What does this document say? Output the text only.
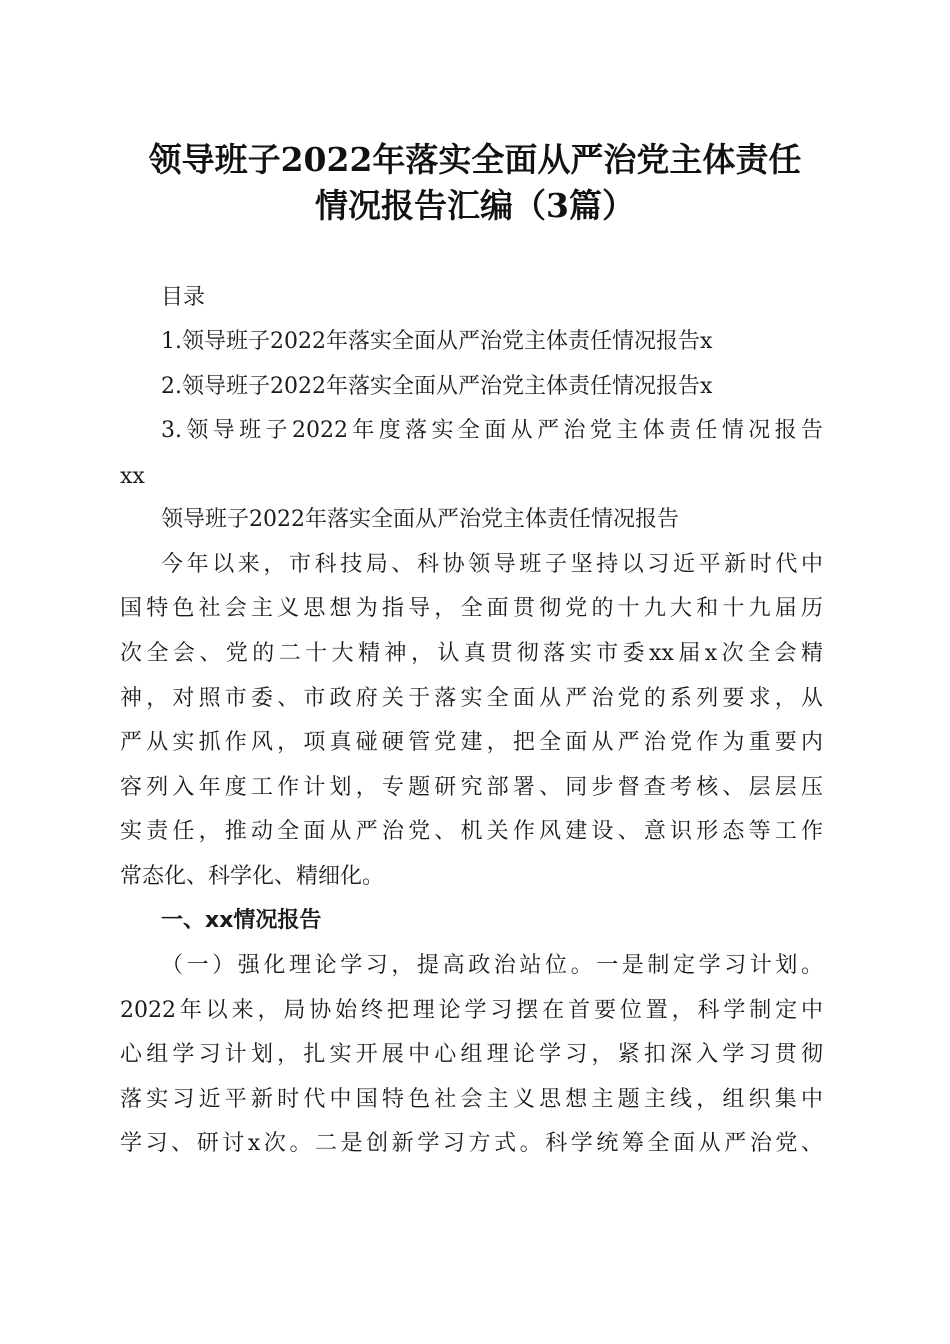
领导班子2022年落实全面从严治党主体责任
情况报告汇编（3篇）
目录
1.领导班子2022年落实全面从严治党主体责任情况报告x
2.领导班子2022年落实全面从严治党主体责任情况报告x
3.领导班子2022年度落实全面从严治党主体责任情况报告
xx
领导班子2022年落实全面从严治党主体责任情况报告
今年以来，市科技局、科协领导班子坚持以习近平新时代中
国特色社会主义思想为指导，全面贯彻党的十九大和十九届历
次全会、党的二十大精神，认真贯彻落实市委xx届x次全会精
神，对照市委、市政府关于落实全面从严治党的系列要求，从
严从实抓作风，项真碰硬管党建，把全面从严治党作为重要内
容列入年度工作计划，专题研究部署、同步督查考核、层层压
实责任，推动全面从严治党、机关作风建设、意识形态等工作
常态化、科学化、精细化。
一、xx情况报告
（一）强化理论学习，提高政治站位。一是制定学习计划。
2022年以来，局协始终把理论学习摆在首要位置，科学制定中
心组学习计划，扎实开展中心组理论学习，紧扣深入学习贯彻
落实习近平新时代中国特色社会主义思想主题主线，组织集中
学习、研讨x次。二是创新学习方式。科学统筹全面从严治党、
